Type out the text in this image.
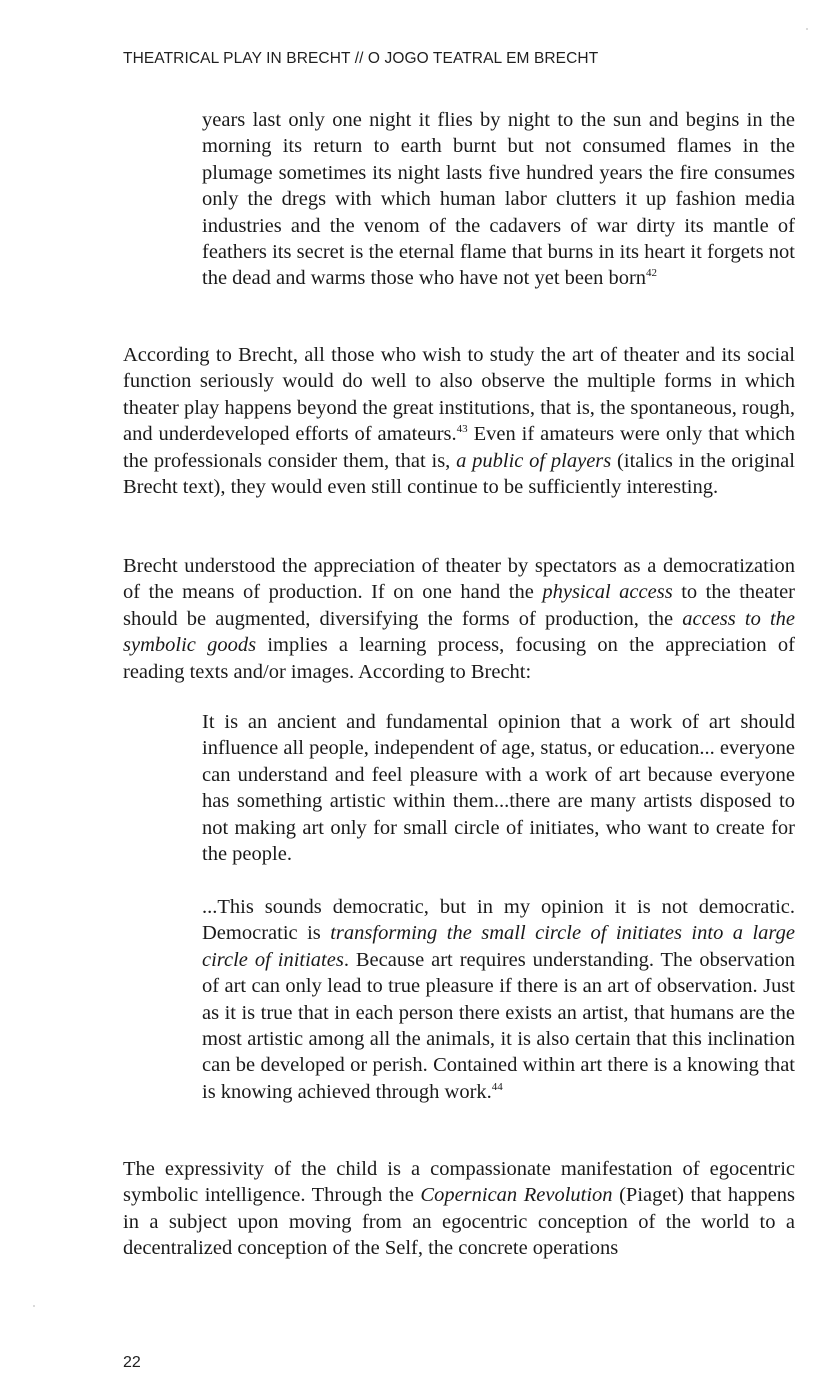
THEATRICAL PLAY IN BRECHT // O JOGO TEATRAL EM BRECHT

years last only one night it flies by night to the sun and begins in the morning its return to earth burnt but not consumed flames in the plumage sometimes its night lasts five hundred years the fire consumes only the dregs with which human labor clutters it up fashion media industries and the venom of the cadavers of war dirty its mantle of feathers its secret is the eternal flame that burns in its heart it forgets not the dead and warms those who have not yet been born$^{42}$

According to Brecht, all those who wish to study the art of theater and its social function seriously would do well to also observe the multiple forms in which theater play happens beyond the great institutions, that is, the spontaneous, rough, and underdeveloped efforts of amateurs.$^{43}$ Even if amateurs were only that which the professionals consider them, that is, a public of players (italics in the original Brecht text), they would even still continue to be sufficiently interesting.

Brecht understood the appreciation of theater by spectators as a democratization of the means of production. If on one hand the physical access to the theater should be augmented, diversifying the forms of production, the access to the symbolic goods implies a learning process, focusing on the appreciation of reading texts and/or images. According to Brecht:

It is an ancient and fundamental opinion that a work of art should influence all people, independent of age, status, or education... everyone can understand and feel pleasure with a work of art because everyone has something artistic within them...there are many artists disposed to not making art only for small circle of initiates, who want to create for the people.

...This sounds democratic, but in my opinion it is not democratic. Democratic is transforming the small circle of initiates into a large circle of initiates. Because art requires understanding. The observation of art can only lead to true pleasure if there is an art of observation. Just as it is true that in each person there exists an artist, that humans are the most artistic among all the animals, it is also certain that this inclination can be developed or perish. Contained within art there is a knowing that is knowing achieved through work.$^{44}$

The expressivity of the child is a compassionate manifestation of egocentric symbolic intelligence. Through the Copernican Revolution (Piaget) that happens in a subject upon moving from an egocentric conception of the world to a decentralized conception of the Self, the concrete operations

22
